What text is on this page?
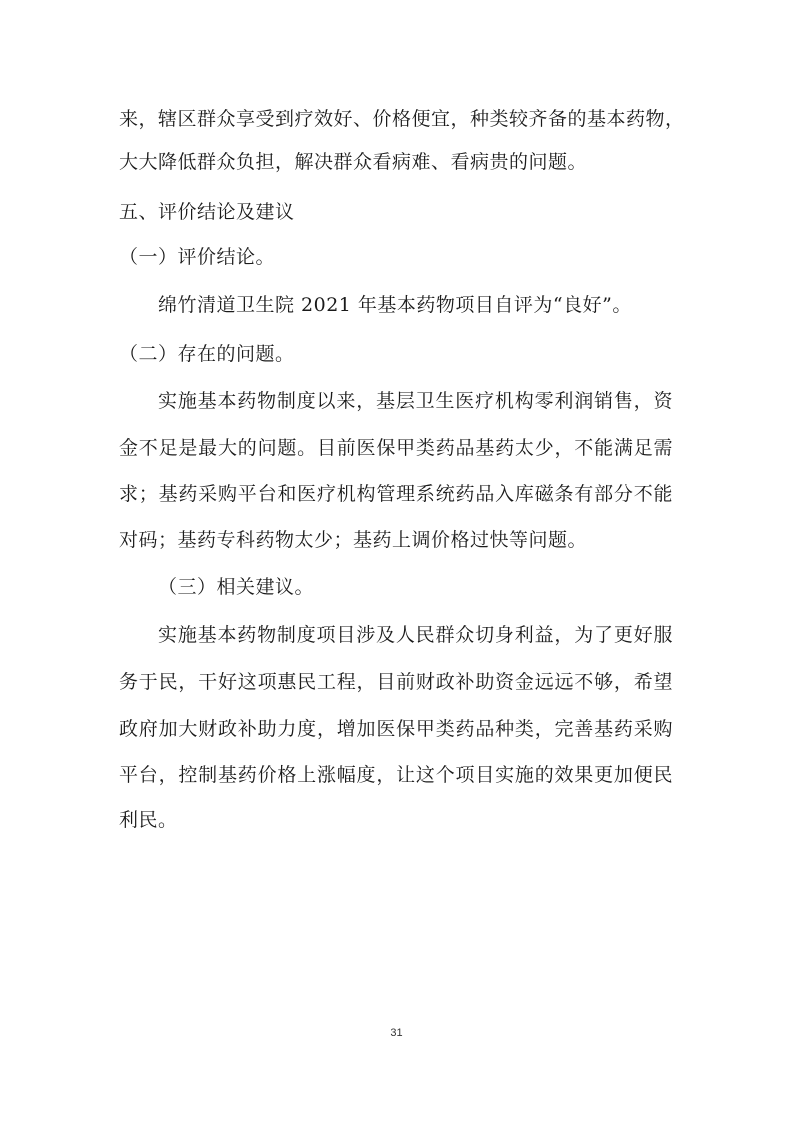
来，辖区群众享受到疗效好、价格便宜，种类较齐备的基本药物，
大大降低群众负担，解决群众看病难、看病贵的问题。
五、评价结论及建议
（一）评价结论。
绵竹清道卫生院 2021 年基本药物项目自评为“良好”。
（二）存在的问题。
实施基本药物制度以来，基层卫生医疗机构零利润销售，资
金不足是最大的问题。目前医保甲类药品基药太少，不能满足需
求；基药采购平台和医疗机构管理系统药品入库磁条有部分不能
对码；基药专科药物太少；基药上调价格过快等问题。
（三）相关建议。
实施基本药物制度项目涉及人民群众切身利益，为了更好服
务于民，干好这项惠民工程，目前财政补助资金远远不够，希望
政府加大财政补助力度，增加医保甲类药品种类，完善基药采购
平台，控制基药价格上涨幅度，让这个项目实施的效果更加便民
利民。
31
